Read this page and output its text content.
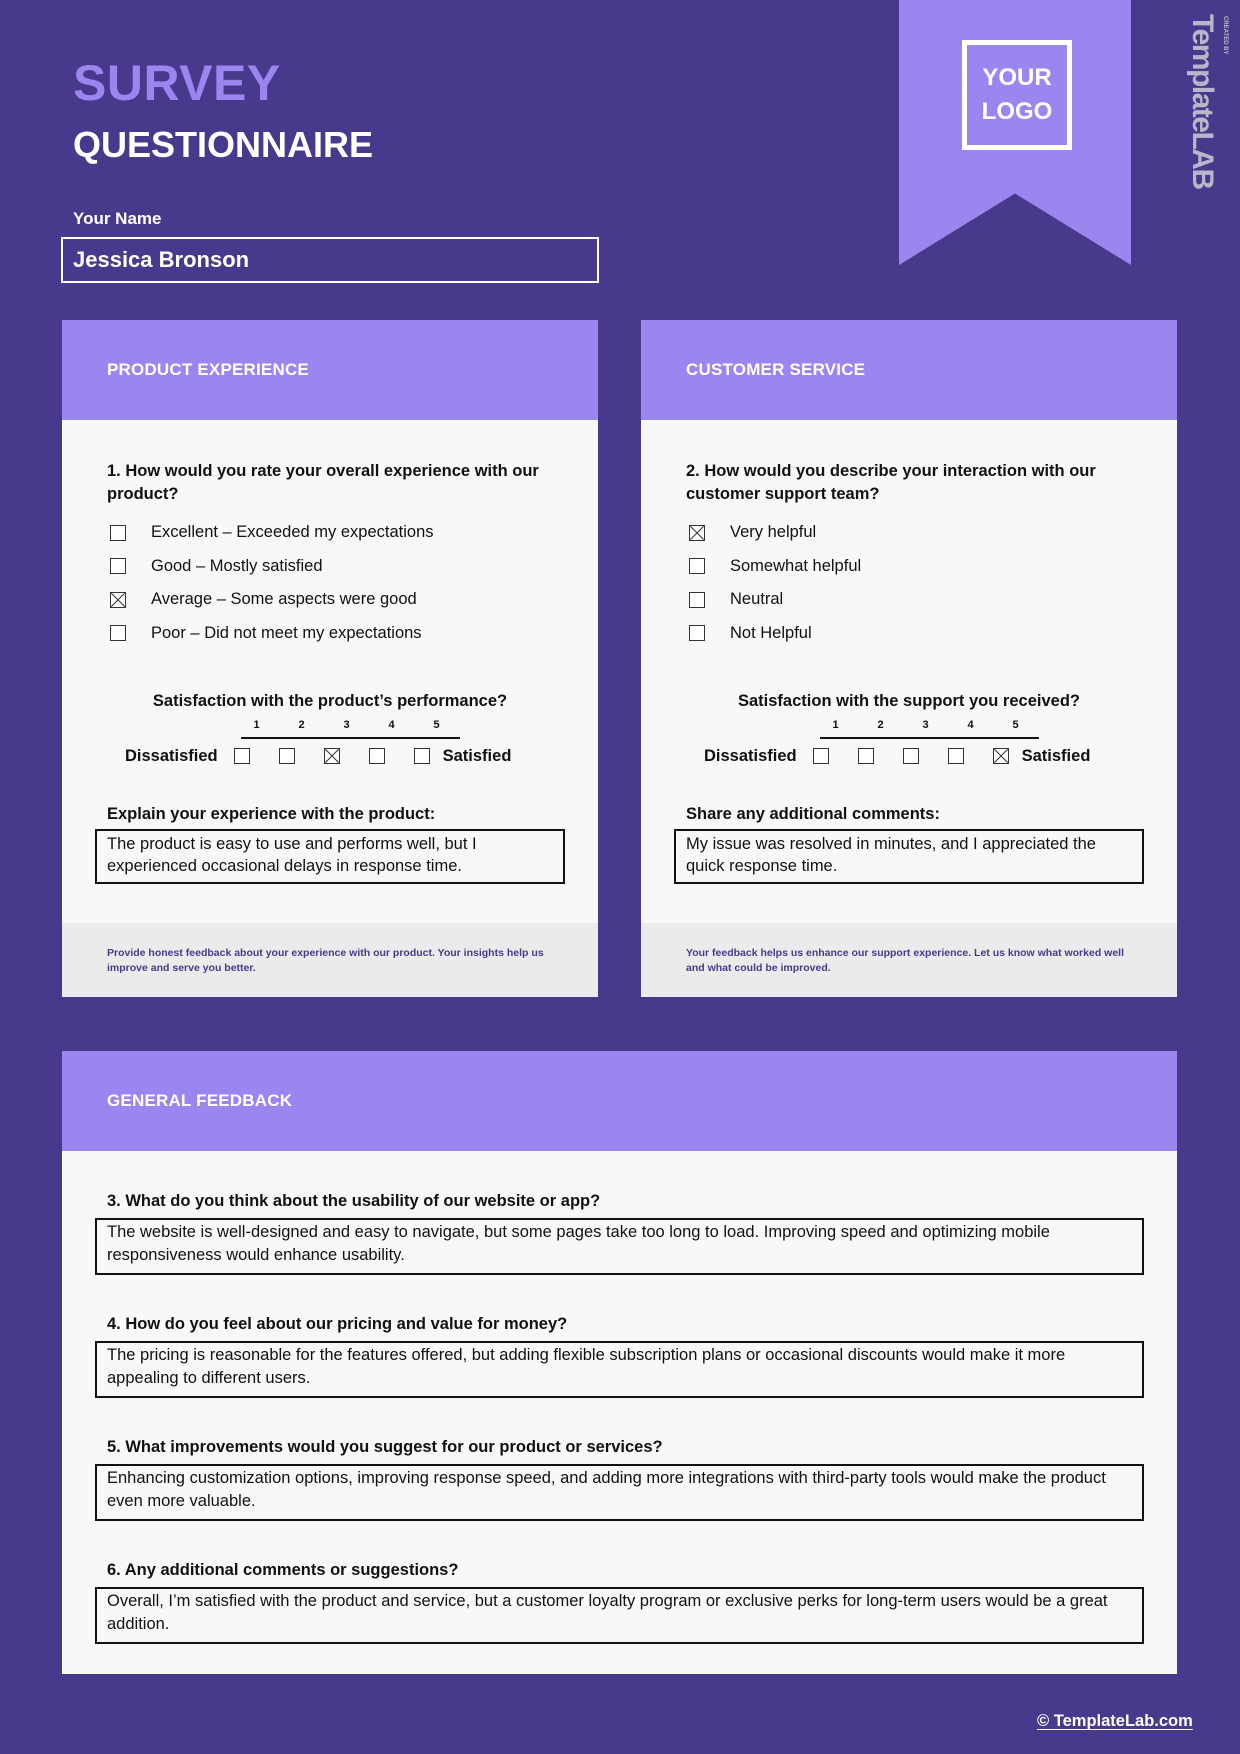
SURVEY
QUESTIONNAIRE
Your Name
Jessica Bronson
YOUR
LOGO	TemplateLAB CREATED BY
PRODUCT EXPERIENCE
1. How would you rate your overall experience with our product?
Excellent – Exceeded my expectations
Good – Mostly satisfied
Average – Some aspects were good
Poor – Did not meet my expectations
Satisfaction with the product’s performance?
1	2	3	4	5
Dissatisfied	Satisfied
Explain your experience with the product:
The product is easy to use and performs well, but I experienced occasional delays in response time.
Provide honest feedback about your experience with our product. Your insights help us improve and serve you better.
CUSTOMER SERVICE
2. How would you describe your interaction with our customer support team?
Very helpful
Somewhat helpful
Neutral
Not Helpful
Satisfaction with the support you received?
1	2	3	4	5
Dissatisfied	Satisfied
Share any additional comments:
My issue was resolved in minutes, and I appreciated the quick response time.
Your feedback helps us enhance our support experience. Let us know what worked well and what could be improved.
GENERAL FEEDBACK
3. What do you think about the usability of our website or app?
The website is well-designed and easy to navigate, but some pages take too long to load. Improving speed and optimizing mobile responsiveness would enhance usability.
4. How do you feel about our pricing and value for money?
The pricing is reasonable for the features offered, but adding flexible subscription plans or occasional discounts would make it more appealing to different users.
5. What improvements would you suggest for our product or services?
Enhancing customization options, improving response speed, and adding more integrations with third-party tools would make the product even more valuable.
6. Any additional comments or suggestions?
Overall, I’m satisfied with the product and service, but a customer loyalty program or exclusive perks for long-term users would be a great addition.
© TemplateLab.com
